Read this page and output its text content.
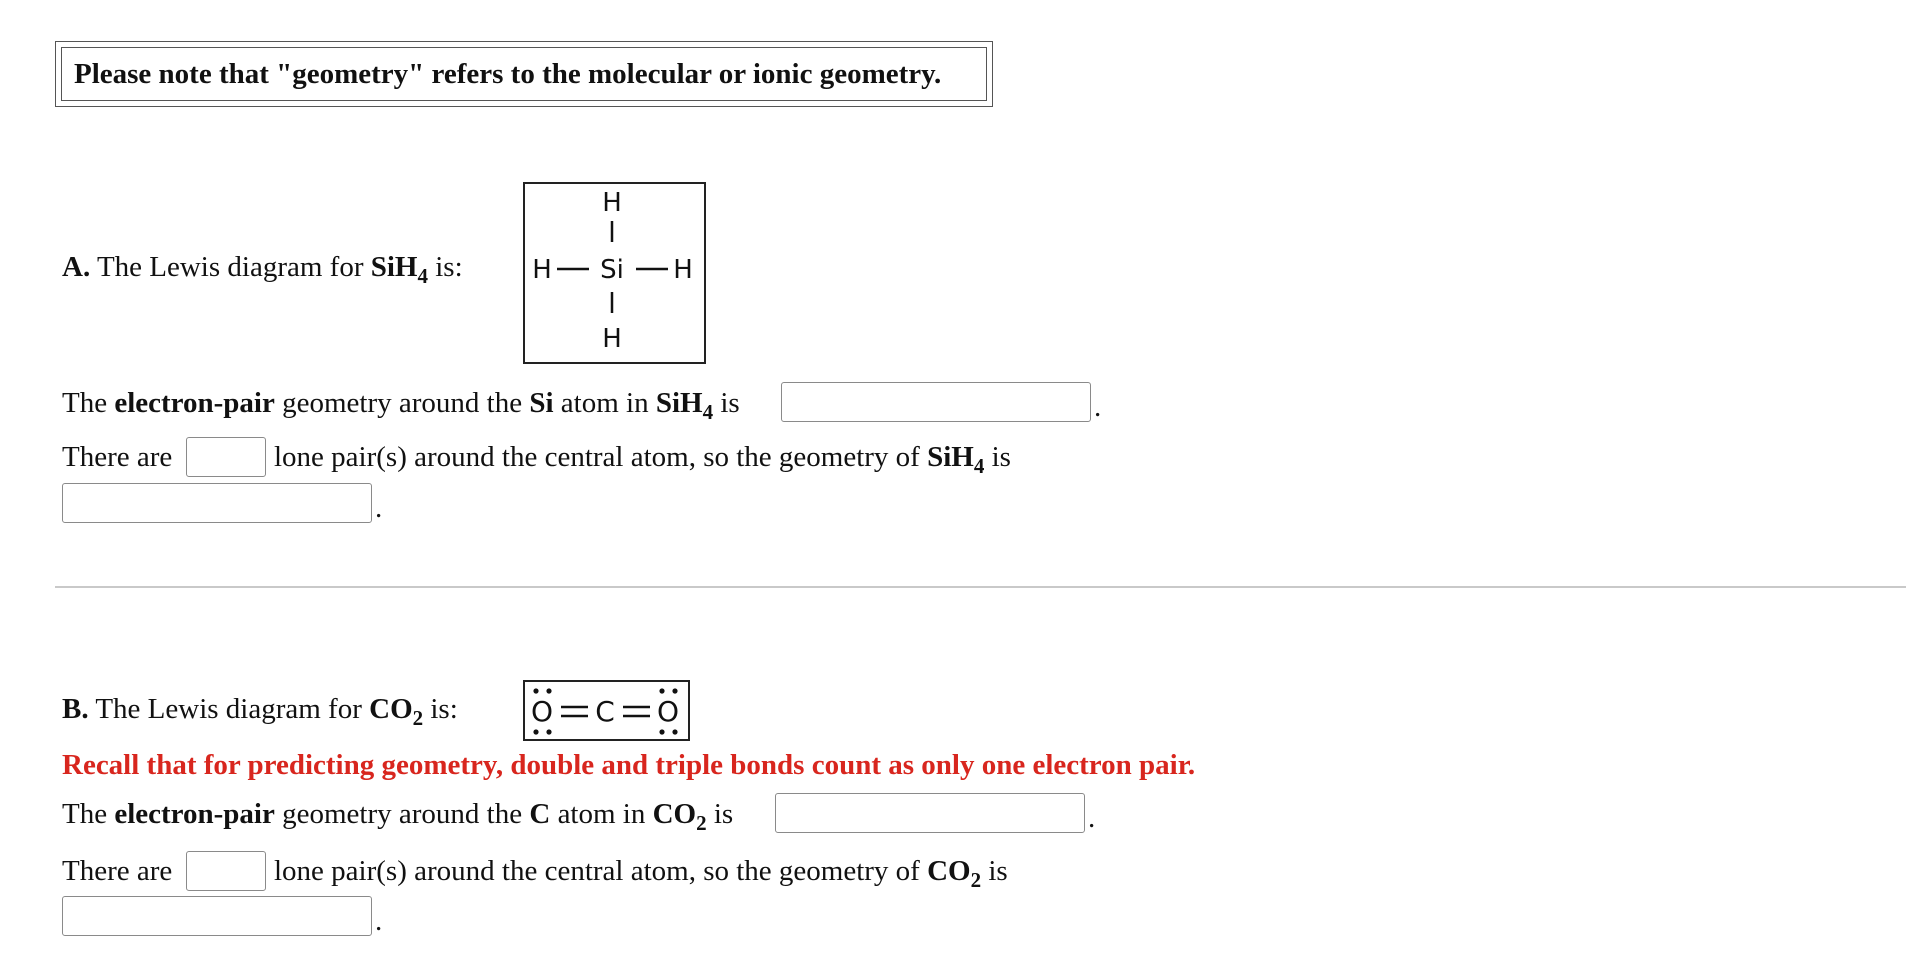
Please note that "geometry" refers to the molecular or ionic geometry.
A. The Lewis diagram for SiH$_4$ is:
H
Si
H
H	H
The electron-pair geometry around the Si atom in SiH$_4$ is	.
There are	lone pair(s) around the central atom, so the geometry of SiH$_4$ is
.
B. The Lewis diagram for $CO_2$ is:	O C O
Recall that for predicting geometry, double and triple bonds count as only one electron pair.
The electron-pair geometry around the C atom in $CO_2$ is	.
There are	lone pair(s) around the central atom, so the geometry of $CO_2$ is
.
